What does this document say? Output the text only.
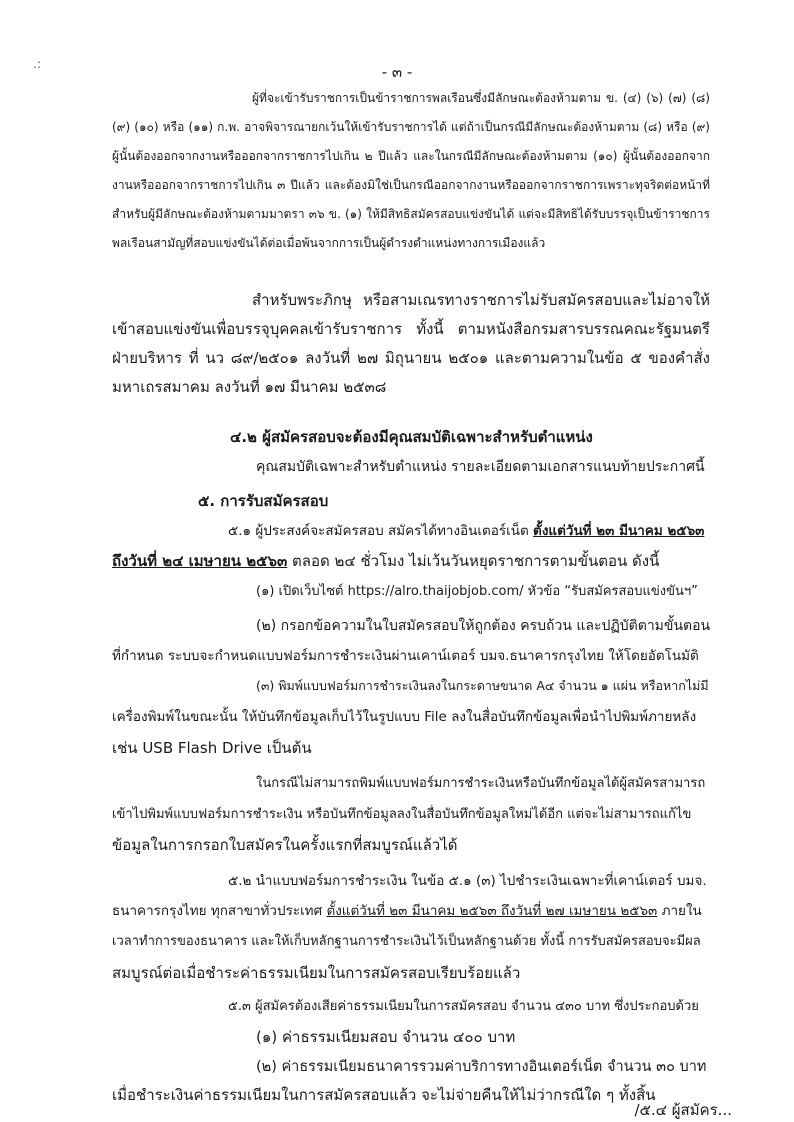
.:	- ๓ -

ผู้ที่จะเข้ารับราชการเป็นข้าราชการพลเรือนซึ่งมีลักษณะต้องห้ามตาม ข. (๔) (๖) (๗) (๘) (๙) (๑๐) หรือ (๑๑) ก.พ. อาจพิจารณายกเว้นให้เข้ารับราชการได้ แต่ถ้าเป็นกรณีมีลักษณะต้องห้ามตาม (๘) หรือ (๙) ผู้นั้นต้องออกจากงานหรือออกจากราชการไปเกิน ๒ ปีแล้ว และในกรณีมีลักษณะต้องห้ามตาม (๑๐) ผู้นั้นต้องออกจากงานหรือออกจากราชการไปเกิน ๓ ปีแล้ว และต้องมิใช่เป็นกรณีออกจากงานหรือออกจากราชการเพราะทุจริตต่อหน้าที่ สำหรับผู้มีลักษณะต้องห้ามตามมาตรา ๓๖ ข. (๑) ให้มีสิทธิสมัครสอบแข่งขันได้ แต่จะมีสิทธิได้รับบรรจุเป็นข้าราชการพลเรือนสามัญที่สอบแข่งขันได้ต่อเมื่อพ้นจากการเป็นผู้ดำรงตำแหน่งทางการเมืองแล้ว

สำหรับพระภิกษุ หรือสามเณรทางราชการไม่รับสมัครสอบและไม่อาจให้เข้าสอบแข่งขันเพื่อบรรจุบุคคลเข้ารับราชการ ทั้งนี้ ตามหนังสือกรมสารบรรณคณะรัฐมนตรีฝ่ายบริหาร ที่ นว ๘๙/๒๕๐๑ ลงวันที่ ๒๗ มิถุนายน ๒๕๐๑ และตามความในข้อ ๕ ของคำสั่งมหาเถรสมาคม ลงวันที่ ๑๗ มีนาคม ๒๕๓๘

๔.๒ ผู้สมัครสอบจะต้องมีคุณสมบัติเฉพาะสำหรับตำแหน่ง

คุณสมบัติเฉพาะสำหรับตำแหน่ง รายละเอียดตามเอกสารแนบท้ายประกาศนี้

๕. การรับสมัครสอบ

๕.๑ ผู้ประสงค์จะสมัครสอบ สมัครได้ทางอินเตอร์เน็ต ตั้งแต่วันที่ ๒๓ มีนาคม ๒๕๖๓

ถึงวันที่ ๒๔ เมษายน ๒๕๖๓ ตลอด ๒๔ ชั่วโมง ไม่เว้นวันหยุดราชการตามขั้นตอน ดังนี้

(๑) เปิดเว็บไซต์ https://alro.thaijobjob.com/ หัวข้อ “รับสมัครสอบแข่งขันฯ”

(๒) กรอกข้อความในใบสมัครสอบให้ถูกต้อง ครบถ้วน และปฏิบัติตามขั้นตอน

ที่กำหนด ระบบจะกำหนดแบบฟอร์มการชำระเงินผ่านเคาน์เตอร์ บมจ.ธนาคารกรุงไทย ให้โดยอัตโนมัติ

(๓) พิมพ์แบบฟอร์มการชำระเงินลงในกระดาษขนาด A๔ จำนวน ๑ แผ่น หรือหากไม่มี

เครื่องพิมพ์ในขณะนั้น ให้บันทึกข้อมูลเก็บไว้ในรูปแบบ File ลงในสื่อบันทึกข้อมูลเพื่อนำไปพิมพ์ภายหลัง

เช่น USB Flash Drive เป็นต้น

ในกรณีไม่สามารถพิมพ์แบบฟอร์มการชำระเงินหรือบันทึกข้อมูลได้ผู้สมัครสามารถ

เข้าไปพิมพ์แบบฟอร์มการชำระเงิน หรือบันทึกข้อมูลลงในสื่อบันทึกข้อมูลใหม่ได้อีก แต่จะไม่สามารถแก้ไข

ข้อมูลในการกรอกใบสมัครในครั้งแรกที่สมบูรณ์แล้วได้

๕.๒ นำแบบฟอร์มการชำระเงิน ในข้อ ๕.๑ (๓) ไปชำระเงินเฉพาะที่เคาน์เตอร์ บมจ.

ธนาคารกรุงไทย ทุกสาขาทั่วประเทศ ตั้งแต่วันที่ ๒๓ มีนาคม ๒๕๖๓ ถึงวันที่ ๒๗ เมษายน ๒๕๖๓ ภายใน

เวลาทำการของธนาคาร และให้เก็บหลักฐานการชำระเงินไว้เป็นหลักฐานด้วย ทั้งนี้ การรับสมัครสอบจะมีผล

สมบูรณ์ต่อเมื่อชำระค่าธรรมเนียมในการสมัครสอบเรียบร้อยแล้ว

๕.๓ ผู้สมัครต้องเสียค่าธรรมเนียมในการสมัครสอบ จำนวน ๔๓๐ บาท ซึ่งประกอบด้วย

(๑) ค่าธรรมเนียมสอบ จำนวน ๔๐๐ บาท

(๒) ค่าธรรมเนียมธนาคารรวมค่าบริการทางอินเตอร์เน็ต จำนวน ๓๐ บาท

เมื่อชำระเงินค่าธรรมเนียมในการสมัครสอบแล้ว จะไม่จ่ายคืนให้ไม่ว่ากรณีใด ๆ ทั้งสิ้น

/๕.๔ ผู้สมัคร...
